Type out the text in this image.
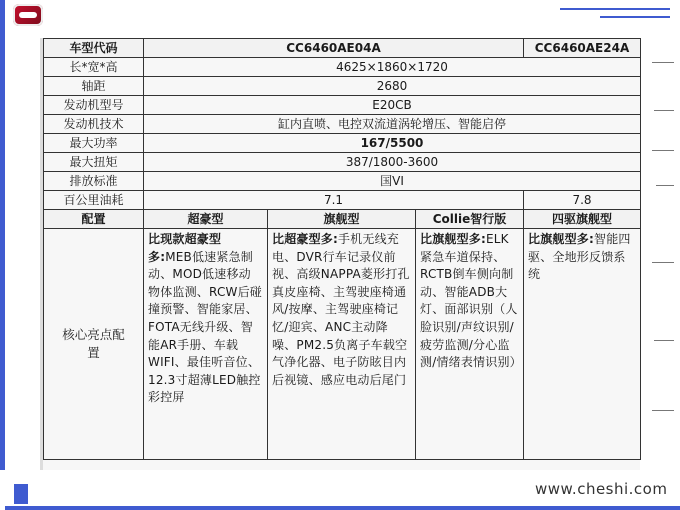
车型代码	CC6460AE04A			CC6460AE24A
长*宽*高	4625×1860×1720			
轴距	2680			
发动机型号	E20CB			
发动机技术	缸内直喷、电控双流道涡轮增压、智能启停			
最大功率	167/5500			
最大扭矩	387/1800-3600			
排放标准	国VI			
百公里油耗	7.1			7.8
配置	超豪型	旗舰型	Collie智行版	四驱旗舰型

核心亮点配置	比现款超豪型多:MEB低速紧急制动、MOD低速移动物体监测、RCW后碰撞预警、智能家居、FOTA无线升级、智能AR手册、车载WIFI、最佳听音位、12.3寸超薄LED触控彩控屏	比超豪型多:手机无线充电、DVR行车记录仪前视、高级NAPPA菱形打孔真皮座椅、主驾驶座椅通风/按摩、主驾驶座椅记忆/迎宾、ANC主动降噪、PM2.5负离子车载空气净化器、电子防眩目内后视镜、感应电动后尾门	比旗舰型多:ELK紧急车道保持、RCTB倒车侧向制动、智能ADB大灯、面部识别（人脸识别/声纹识别/疲劳监测/分心监测/情绪表情识别）	比旗舰型多:智能四驱、全地形反馈系统
www.cheshi.com
